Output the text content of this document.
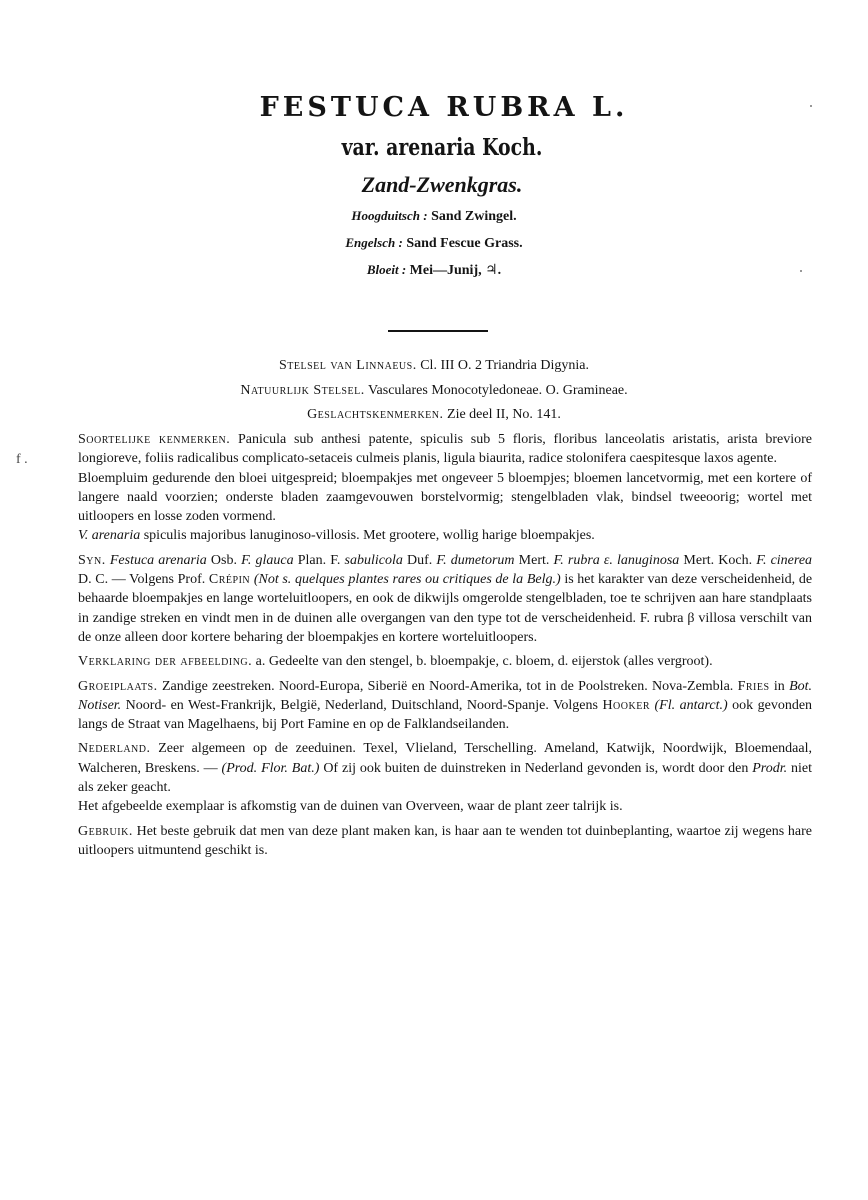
FESTUCA RUBRA L.
var. arenaria Koch.
Zand-Zwenkgras.
Hoogduitsch : Sand Zwingel.
Engelsch : Sand Fescue Grass.
Bloeit : Mei—Junij, ♃.
Stelsel van Linnaeus. Cl. III O. 2 Triandria Digynia.
Natuurlijk Stelsel. Vasculares Monocotyledoneae. O. Gramineae.
Geslachtskenmerken. Zie deel II, No. 141.
f .

Soortelijke kenmerken. Panicula sub anthesi patente, spiculis sub 5 floris, floribus lanceolatis aristatis, arista breviore longioreve, foliis radicalibus complicato-setaceis culmeis planis, ligula biaurita, radice stolonifera caespitesque laxos agente.

Bloempluim gedurende den bloei uitgespreid; bloempakjes met ongeveer 5 bloempjes; bloemen lancetvormig, met een kortere of langere naald voorzien; onderste bladen zaamgevouwen borstelvormig; stengelbladen vlak, bindsel tweeoorig; wortel met uitloopers en losse zoden vormend.

V. arenaria spiculis majoribus lanuginoso-villosis. Met grootere, wollig harige bloempakjes.

Syn. Festuca arenaria Osb. F. glauca Plan. F. sabulicola Duf. F. dumetorum Mert. F. rubra ε. lanuginosa Mert. Koch. F. cinerea D. C. — Volgens Prof. Crépin (Not s. quelques plantes rares ou critiques de la Belg.) is het karakter van deze verscheidenheid, de behaarde bloempakjes en lange worteluitloopers, en ook de dikwijls omgerolde stengelbladen, toe te schrijven aan hare standplaats in zandige streken en vindt men in de duinen alle overgangen van den type tot de verscheidenheid. F. rubra β villosa verschilt van de onze alleen door kortere beharing der bloempakjes en kortere worteluitloopers.

Verklaring der afbeelding. a. Gedeelte van den stengel, b. bloempakje, c. bloem, d. eijerstok (alles vergroot).

Groeiplaats. Zandige zeestreken. Noord-Europa, Siberië en Noord-Amerika, tot in de Poolstreken. Nova-Zembla. Fries in Bot. Notiser. Noord- en West-Frankrijk, België, Nederland, Duitschland, Noord-Spanje. Volgens Hooker (Fl. antarct.) ook gevonden langs de Straat van Magelhaens, bij Port Famine en op de Falklandseilanden.

Nederland. Zeer algemeen op de zeeduinen. Texel, Vlieland, Terschelling. Ameland, Katwijk, Noordwijk, Bloemendaal, Walcheren, Breskens. — (Prod. Flor. Bat.) Of zij ook buiten de duinstreken in Nederland gevonden is, wordt door den Prodr. niet als zeker geacht.

Het afgebeelde exemplaar is afkomstig van de duinen van Overveen, waar de plant zeer talrijk is.

Gebruik. Het beste gebruik dat men van deze plant maken kan, is haar aan te wenden tot duinbeplanting, waartoe zij wegens hare uitloopers uitmuntend geschikt is.
